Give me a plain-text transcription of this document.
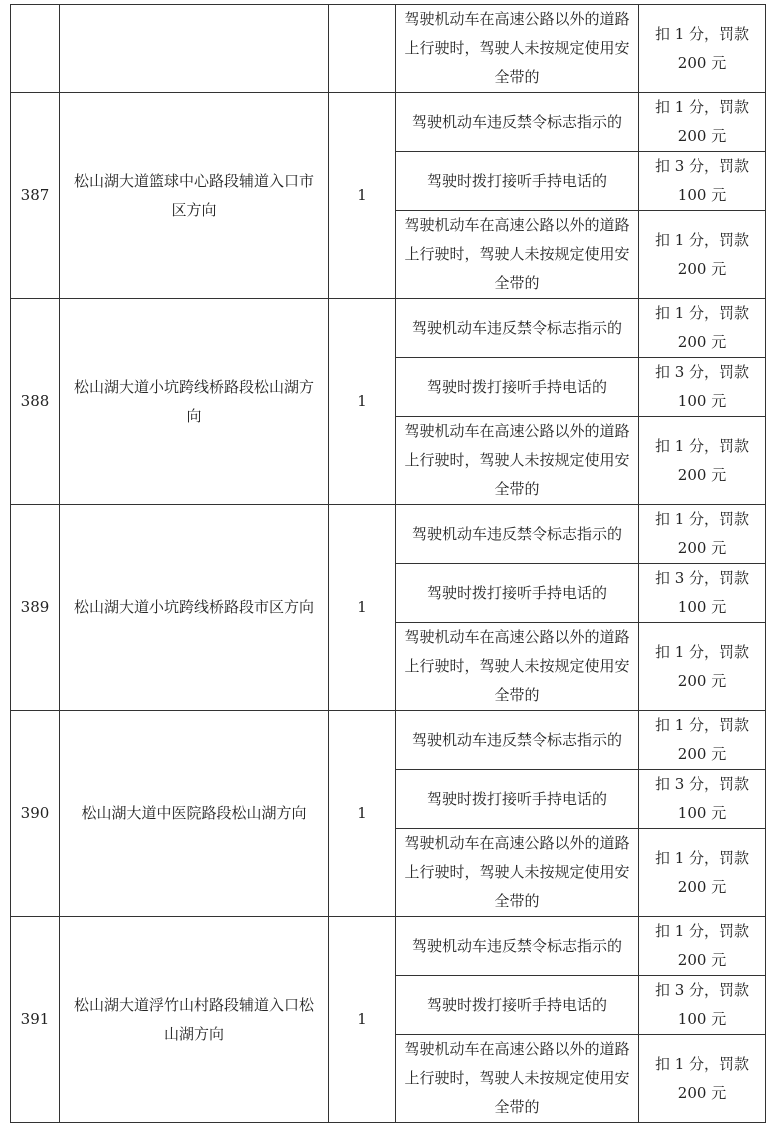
			驾驶机动车在高速公路以外的道路上行驶时，驾驶人未按规定使用安全带的	扣 1 分，罚款 200 元

387	松山湖大道篮球中心路段辅道入口市区方向	1	驾驶机动车违反禁令标志指示的	扣 1 分，罚款 200 元

			驾驶时拨打接听手持电话的	扣 3 分，罚款 100 元

			驾驶机动车在高速公路以外的道路上行驶时，驾驶人未按规定使用安全带的	扣 1 分，罚款 200 元

388	松山湖大道小坑跨线桥路段松山湖方向	1	驾驶机动车违反禁令标志指示的	扣 1 分，罚款 200 元

			驾驶时拨打接听手持电话的	扣 3 分，罚款 100 元

			驾驶机动车在高速公路以外的道路上行驶时，驾驶人未按规定使用安全带的	扣 1 分，罚款 200 元

389	松山湖大道小坑跨线桥路段市区方向	1	驾驶机动车违反禁令标志指示的	扣 1 分，罚款 200 元

			驾驶时拨打接听手持电话的	扣 3 分，罚款 100 元

			驾驶机动车在高速公路以外的道路上行驶时，驾驶人未按规定使用安全带的	扣 1 分，罚款 200 元

390	松山湖大道中医院路段松山湖方向	1	驾驶机动车违反禁令标志指示的	扣 1 分，罚款 200 元

			驾驶时拨打接听手持电话的	扣 3 分，罚款 100 元

			驾驶机动车在高速公路以外的道路上行驶时，驾驶人未按规定使用安全带的	扣 1 分，罚款 200 元

391	松山湖大道浮竹山村路段辅道入口松山湖方向	1	驾驶机动车违反禁令标志指示的	扣 1 分，罚款 200 元

			驾驶时拨打接听手持电话的	扣 3 分，罚款 100 元

			驾驶机动车在高速公路以外的道路上行驶时，驾驶人未按规定使用安全带的	扣 1 分，罚款 200 元
